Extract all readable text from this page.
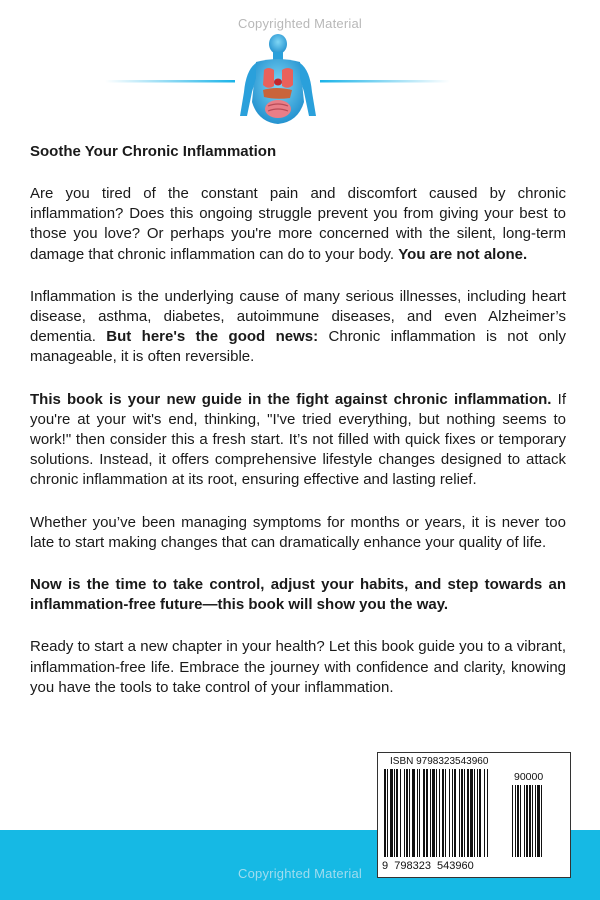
Copyrighted Material

Soothe Your Chronic Inflammation

Are you tired of the constant pain and discomfort caused by chronic inflammation? Does this ongoing struggle prevent you from giving your best to those you love? Or perhaps you're more concerned with the silent, long-term damage that chronic inflammation can do to your body. You are not alone.

Inflammation is the underlying cause of many serious illnesses, including heart disease, asthma, diabetes, autoimmune diseases, and even Alzheimer’s dementia. But here's the good news: Chronic inflammation is not only manageable, it is often reversible.

This book is your new guide in the fight against chronic inflammation. If you're at your wit's end, thinking, "I've tried everything, but nothing seems to work!" then consider this a fresh start. It’s not filled with quick fixes or temporary solutions. Instead, it offers comprehensive lifestyle changes designed to attack chronic inflammation at its root, ensuring effective and lasting relief.

Whether you’ve been managing symptoms for months or years, it is never too late to start making changes that can dramatically enhance your quality of life.

Now is the time to take control, adjust your habits, and step towards an inflammation-free future—this book will show you the way.

Ready to start a new chapter in your health? Let this book guide you to a vibrant, inflammation-free life. Embrace the journey with confidence and clarity, knowing you have the tools to take control of your inflammation.

Copyrighted Material
ISBN 9798323543960
90000
9  798323  543960
